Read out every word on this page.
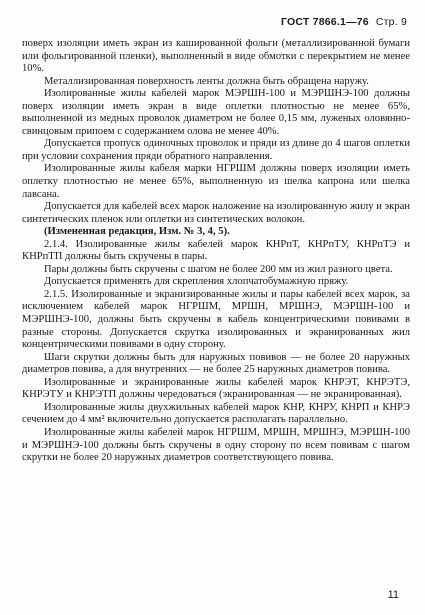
ГОСТ 7866.1—76 Стр. 9

поверх изоляции иметь экран из кашированной фольги (металлизированной бумаги или фольгированной пленки), выполненный в виде обмотки с перекрытием не менее 10%.

Металлизированная поверхность ленты должна быть обращена наружу.

Изолированные жилы кабелей марок МЭРШН-100 и МЭРШНЭ-100 должны поверх изоляции иметь экран в виде оплетки плотностью не менее 65%, выполненной из медных проволок диаметром не более 0,15 мм, луженых оловянно-свинцовым припоем с содержанием олова не менее 40%.

Допускается пропуск одиночных проволок и пряди из длине до 4 шагов оплетки при условии сохранения пряди обратного направления.

Изолированные жилы кабеля марки НГРШМ должны поверх изоляции иметь оплетку плотностью не менее 65%, выполненную из шелка капрона или шелка лавсана.

Допускается для кабелей всех марок наложение на изолированную жилу и экран синтетических пленок или оплетки из синтетических волокон.

(Измененная редакция, Изм. № 3, 4, 5).

2.1.4. Изолированные жилы кабелей марок КНРпТ, КНРпТУ, КНРпТЭ и КНРпТП должны быть скручены в пары.

Пары должны быть скручены с шагом не более 200 мм из жил разного цвета.

Допускается применять для скрепления хлопчатобумажную пряжу.

2.1.5. Изолированные и экранизированные жилы и пары кабелей всех марок, за исключением кабелей марок НГРШМ, МРШН, МРШНЭ, МЭРШН-100 и МЭРШНЭ-100, должны быть скручены в кабель концентрическими повивами в разные стороны. Допускается скрутка изолированных и экранированных жил концентрическими повивами в одну сторону.

Шаги скрутки должны быть для наружных повивов — не более 20 наружных диаметров повива, а для внутренних — не более 25 наружных диаметров повива.

Изолированные и экранированные жилы кабелей марок КНРЭТ, КНРЭТЭ, КНРЭТУ и КНРЭТП должны чередоваться (экранированная — не экранированная).

Изолированные жилы двухжильных кабелей марок КНР, КНРУ, КНРП и КНРЭ сечением до 4 мм² включительно допускается располагать параллельно.

Изолированные жилы кабелей марок НГРШМ, МРШН, МРШНЭ, МЭРШН-100 и МЭРШНЭ-100 должны быть скручены в одну сторону по всем повивам с шагом скрутки не более 20 наружных диаметров соответствующего повива.

11
